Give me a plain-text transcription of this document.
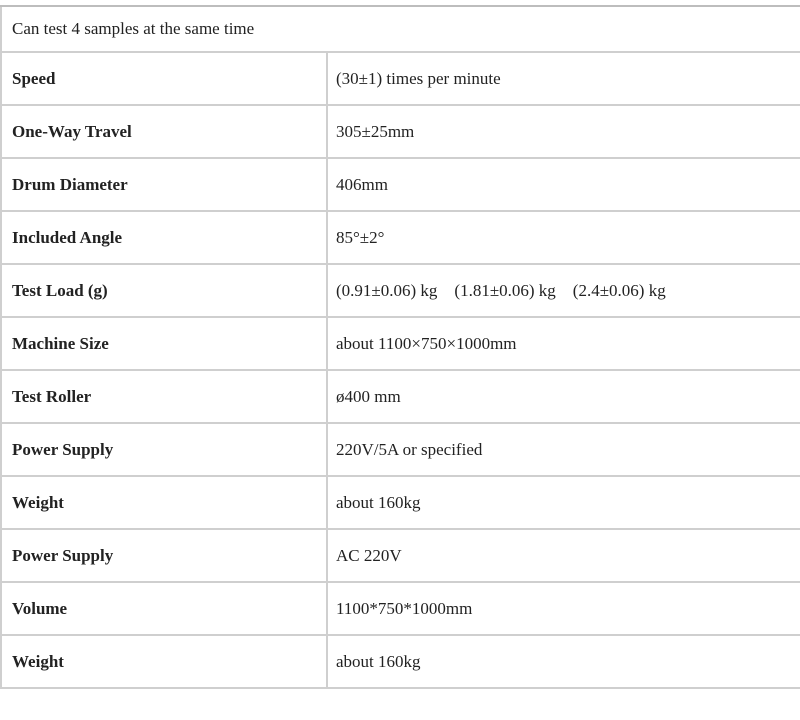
Can test 4 samples at the same time	
Speed	(30±1) times per minute
One-Way Travel	305±25mm
Drum Diameter	406mm
Included Angle	85°±2°
Test Load (g)	(0.91±0.06) kg    (1.81±0.06) kg    (2.4±0.06) kg
Machine Size	about 1100×750×1000mm
Test Roller	ø400 mm
Power Supply	220V/5A or specified
Weight	about 160kg
Power Supply	AC 220V
Volume	1100*750*1000mm
Weight	about 160kg
